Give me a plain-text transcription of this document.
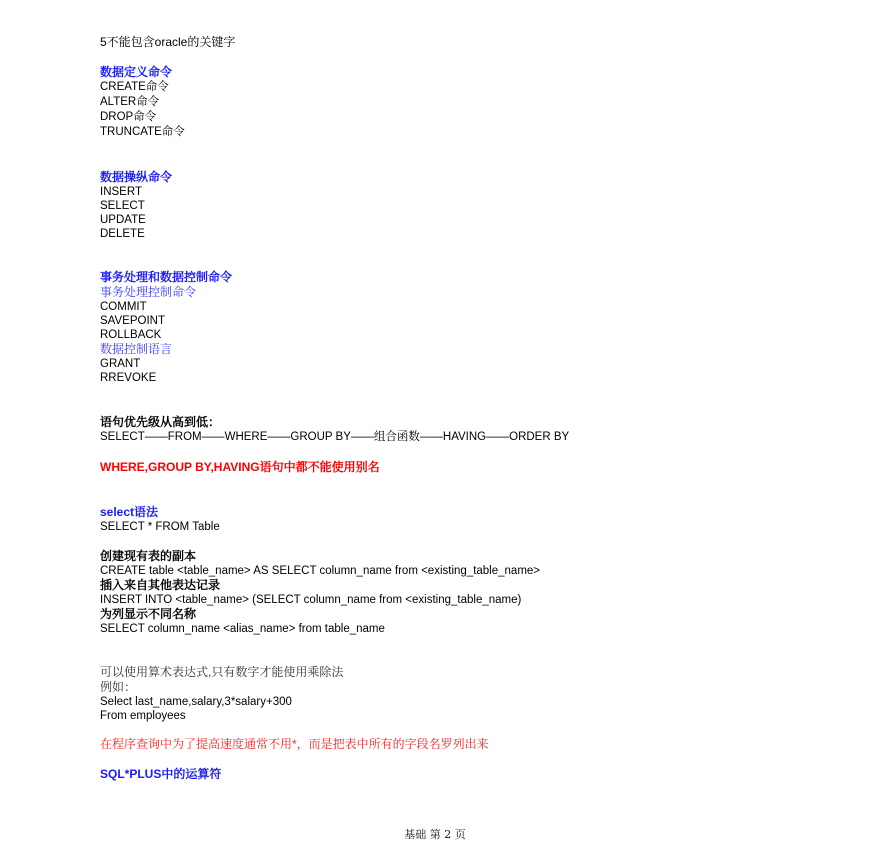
5不能包含oracle的关键字
数据定义命令
CREATE命令
ALTER命令
DROP命令
TRUNCATE命令
数据操纵命令
INSERT
SELECT
UPDATE
DELETE
事务处理和数据控制命令
事务处理控制命令
COMMIT
SAVEPOINT
ROLLBACK
数据控制语言
GRANT
RREVOKE
语句优先级从高到低：
SELECT——FROM——WHERE——GROUP BY——组合函数——HAVING——ORDER BY
WHERE,GROUP BY,HAVING语句中都不能使用别名
select语法
SELECT * FROM Table
创建现有表的副本
CREATE table <table_name> AS SELECT column_name from <existing_table_name>
插入来自其他表达记录
INSERT INTO <table_name> (SELECT column_name from <existing_table_name)
为列显示不同名称
SELECT column_name <alias_name> from table_name
可以使用算术表达式,只有数字才能使用乘除法
例如：
Select last_name,salary,3*salary+300
From employees
在程序查询中为了提高速度通常不用*，而是把表中所有的字段名罗列出来
SQL*PLUS中的运算符
基础 第 2 页
